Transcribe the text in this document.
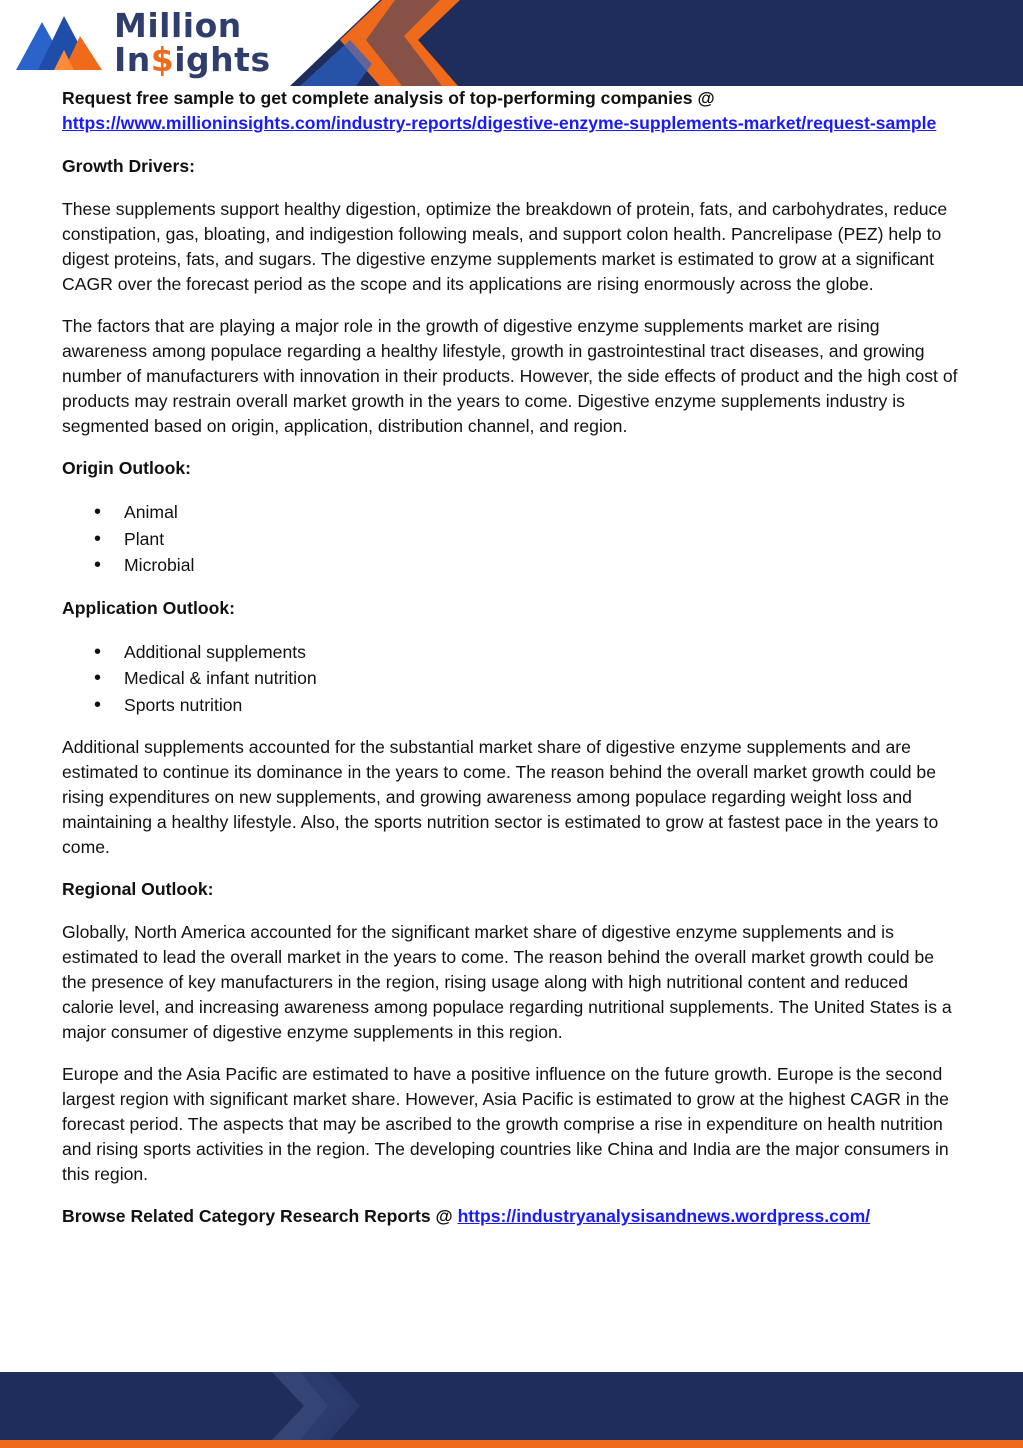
Million
In$ights

Request free sample to get complete analysis of top-performing companies @

https://www.millioninsights.com/industry-reports/digestive-enzyme-supplements-market/request-sample

Growth Drivers:

These supplements support healthy digestion, optimize the breakdown of protein, fats, and carbohydrates, reduce constipation, gas, bloating, and indigestion following meals, and support colon health. Pancrelipase (PEZ) help to digest proteins, fats, and sugars. The digestive enzyme supplements market is estimated to grow at a significant CAGR over the forecast period as the scope and its applications are rising enormously across the globe.

The factors that are playing a major role in the growth of digestive enzyme supplements market are rising awareness among populace regarding a healthy lifestyle, growth in gastrointestinal tract diseases, and growing number of manufacturers with innovation in their products. However, the side effects of product and the high cost of products may restrain overall market growth in the years to come. Digestive enzyme supplements industry is segmented based on origin, application, distribution channel, and region.

Origin Outlook:

• Animal
• Plant
• Microbial

Application Outlook:

• Additional supplements
• Medical & infant nutrition
• Sports nutrition

Additional supplements accounted for the substantial market share of digestive enzyme supplements and are estimated to continue its dominance in the years to come. The reason behind the overall market growth could be rising expenditures on new supplements, and growing awareness among populace regarding weight loss and maintaining a healthy lifestyle. Also, the sports nutrition sector is estimated to grow at fastest pace in the years to come.

Regional Outlook:

Globally, North America accounted for the significant market share of digestive enzyme supplements and is estimated to lead the overall market in the years to come. The reason behind the overall market growth could be the presence of key manufacturers in the region, rising usage along with high nutritional content and reduced calorie level, and increasing awareness among populace regarding nutritional supplements. The United States is a major consumer of digestive enzyme supplements in this region.

Europe and the Asia Pacific are estimated to have a positive influence on the future growth. Europe is the second largest region with significant market share. However, Asia Pacific is estimated to grow at the highest CAGR in the forecast period. The aspects that may be ascribed to the growth comprise a rise in expenditure on health nutrition and rising sports activities in the region. The developing countries like China and India are the major consumers in this region.

Browse Related Category Research Reports @ https://industryanalysisandnews.wordpress.com/
